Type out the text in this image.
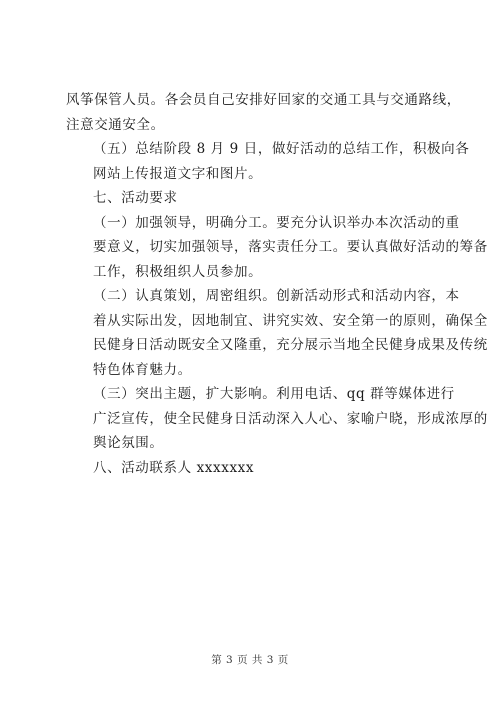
风筝保管人员。各会员自己安排好回家的交通工具与交通路线，
注意交通安全。

（五）总结阶段 8 月 9 日，做好活动的总结工作，积极向各
网站上传报道文字和图片。

七、活动要求

（一）加强领导，明确分工。要充分认识举办本次活动的重
要意义，切实加强领导，落实责任分工。要认真做好活动的筹备
工作，积极组织人员参加。

（二）认真策划，周密组织。创新活动形式和活动内容，本
着从实际出发，因地制宜、讲究实效、安全第一的原则，确保全
民健身日活动既安全又隆重，充分展示当地全民健身成果及传统
特色体育魅力。

（三）突出主题，扩大影响。利用电话、qq 群等媒体进行
广泛宣传，使全民健身日活动深入人心、家喻户晓，形成浓厚的
舆论氛围。

八、活动联系人 xxxxxxx

第 3 页 共 3 页
